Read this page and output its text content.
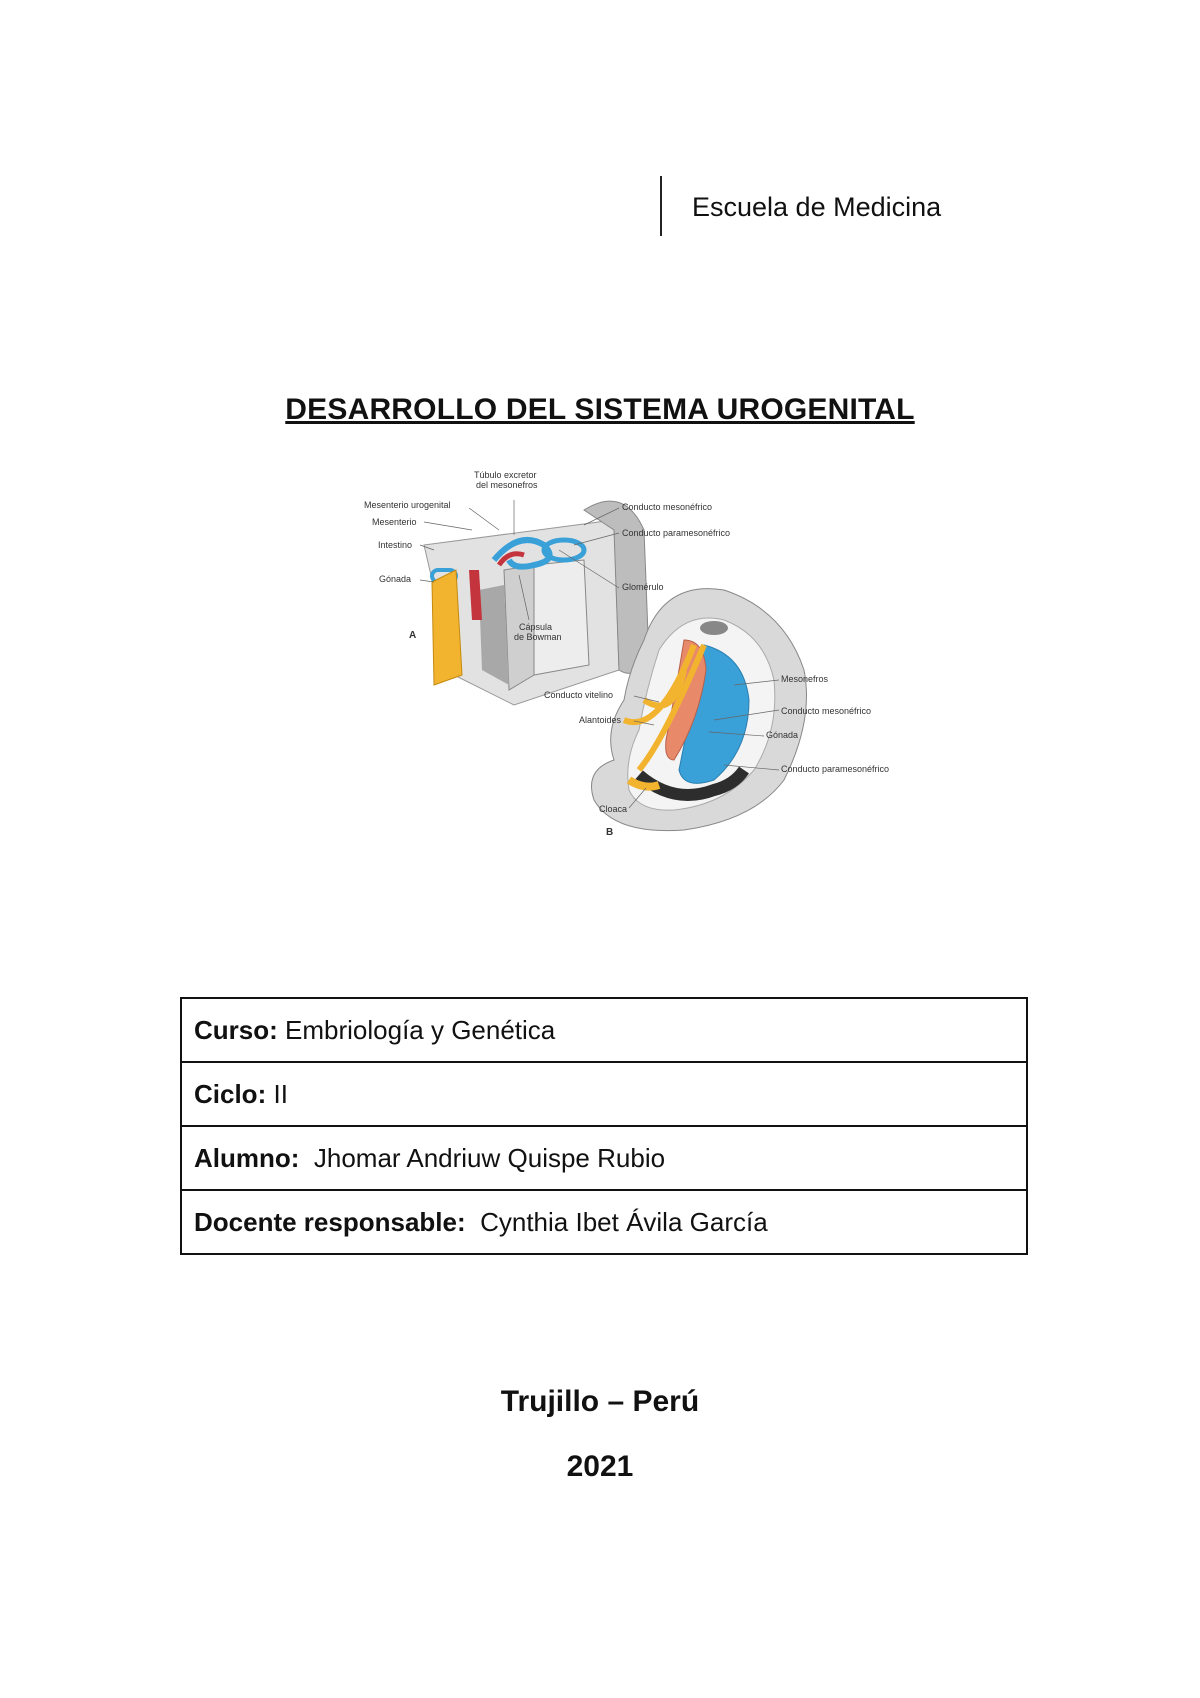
Escuela de Medicina
DESARROLLO DEL SISTEMA UROGENITAL
Túbulo excretor
del mesonefros
Mesenterio urogenital	Conducto mesonéfrico
Conducto paramesonéfrico
Mesenterio
Intestino
Glomérulo
Gónada
Cápsula
de Bowman
A
Mesonefros
Conducto vitelino
Conducto mesonéfrico
Alantoides
Gónada
Conducto paramesonéfrico
Cloaca
B
Curso: Embriología y Genética
Ciclo: II
Alumno: Jhomar Andriuw Quispe Rubio
Docente responsable: Cynthia Ibet Ávila García
Trujillo – Perú
2021
